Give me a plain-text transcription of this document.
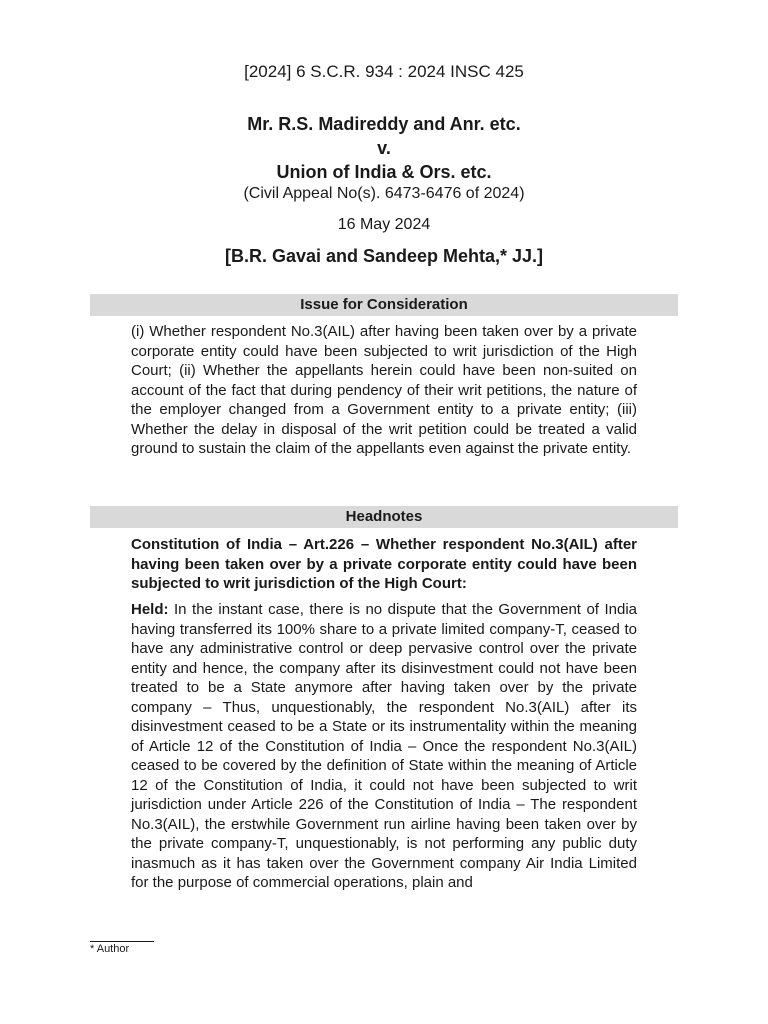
[2024] 6 S.C.R. 934 : 2024 INSC 425
Mr. R.S. Madireddy and Anr. etc.
v.
Union of India & Ors. etc.
(Civil Appeal No(s). 6473-6476 of 2024)
16 May 2024
[B.R. Gavai and Sandeep Mehta,* JJ.]
Issue for Consideration
(i) Whether respondent No.3(AIL) after having been taken over by a private corporate entity could have been subjected to writ jurisdiction of the High Court; (ii) Whether the appellants herein could have been non-suited on account of the fact that during pendency of their writ petitions, the nature of the employer changed from a Government entity to a private entity; (iii) Whether the delay in disposal of the writ petition could be treated a valid ground to sustain the claim of the appellants even against the private entity.
Headnotes
Constitution of India – Art.226 – Whether respondent No.3(AIL) after having been taken over by a private corporate entity could have been subjected to writ jurisdiction of the High Court:
Held: In the instant case, there is no dispute that the Government of India having transferred its 100% share to a private limited company-T, ceased to have any administrative control or deep pervasive control over the private entity and hence, the company after its disinvestment could not have been treated to be a State anymore after having taken over by the private company – Thus, unquestionably, the respondent No.3(AIL) after its disinvestment ceased to be a State or its instrumentality within the meaning of Article 12 of the Constitution of India – Once the respondent No.3(AIL) ceased to be covered by the definition of State within the meaning of Article 12 of the Constitution of India, it could not have been subjected to writ jurisdiction under Article 226 of the Constitution of India – The respondent No.3(AIL), the erstwhile Government run airline having been taken over by the private company-T, unquestionably, is not performing any public duty inasmuch as it has taken over the Government company Air India Limited for the purpose of commercial operations, plain and
* Author
